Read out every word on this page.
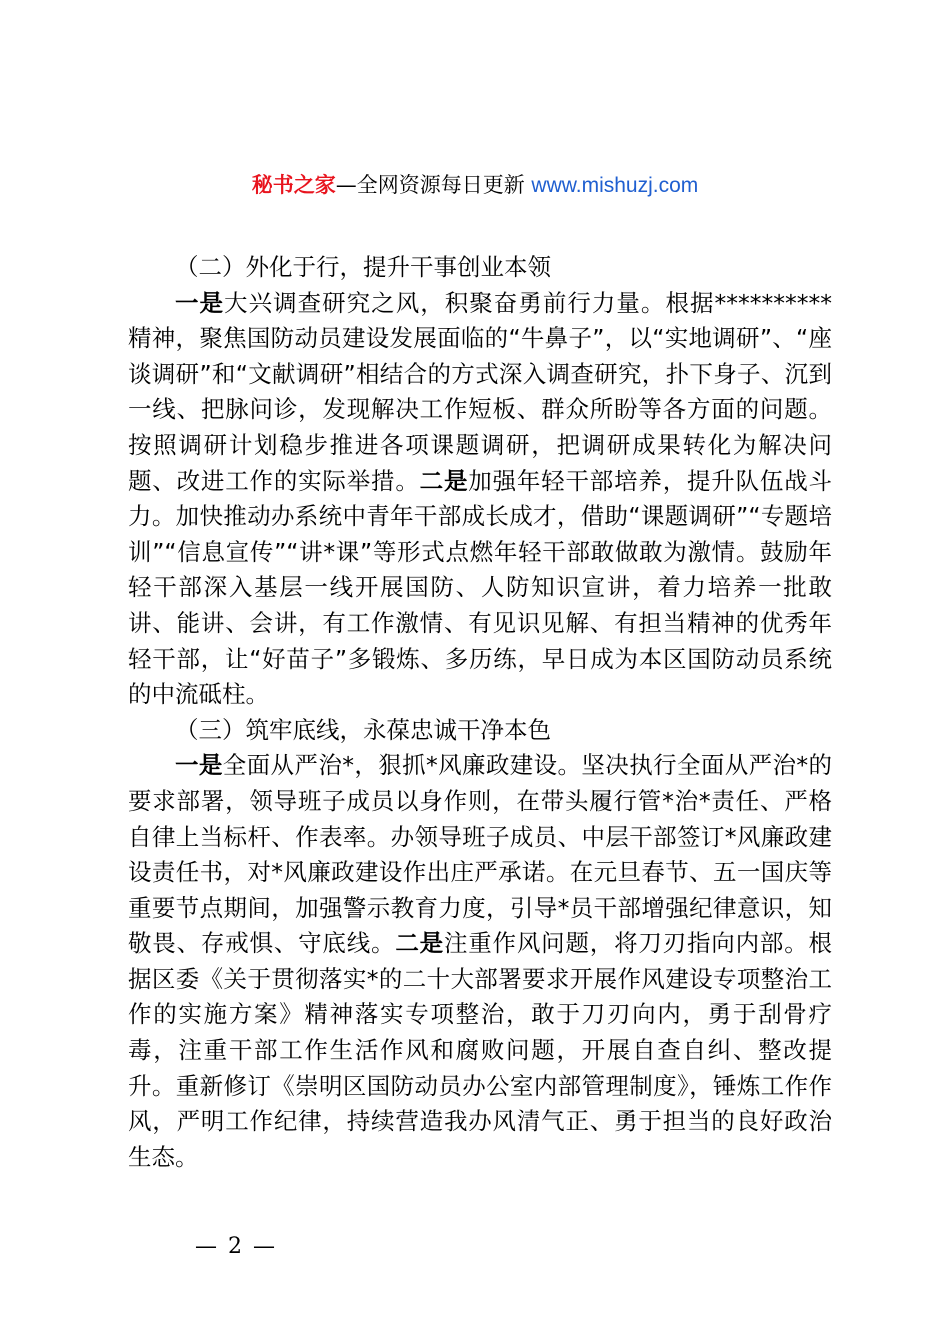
秘书之家—全网资源每日更新 www.mishuzj.com

（二）外化于行，提升干事创业本领

一是大兴调查研究之风，积聚奋勇前行力量。根据**********精神，聚焦国防动员建设发展面临的“牛鼻子”，以“实地调研”、“座谈调研”和“文献调研”相结合的方式深入调查研究，扑下身子、沉到一线、把脉问诊，发现解决工作短板、群众所盼等各方面的问题。按照调研计划稳步推进各项课题调研，把调研成果转化为解决问题、改进工作的实际举措。二是加强年轻干部培养，提升队伍战斗力。加快推动办系统中青年干部成长成才，借助“课题调研”“专题培训”“信息宣传”“讲*课”等形式点燃年轻干部敢做敢为激情。鼓励年轻干部深入基层一线开展国防、人防知识宣讲，着力培养一批敢讲、能讲、会讲，有工作激情、有见识见解、有担当精神的优秀年轻干部，让“好苗子”多锻炼、多历练，早日成为本区国防动员系统的中流砥柱。

（三）筑牢底线，永葆忠诚干净本色

一是全面从严治*，狠抓*风廉政建设。坚决执行全面从严治*的要求部署，领导班子成员以身作则，在带头履行管*治*责任、严格自律上当标杆、作表率。办领导班子成员、中层干部签订*风廉政建设责任书，对*风廉政建设作出庄严承诺。在元旦春节、五一国庆等重要节点期间，加强警示教育力度，引导*员干部增强纪律意识，知敬畏、存戒惧、守底线。二是注重作风问题，将刀刃指向内部。根据区委《关于贯彻落实*的二十大部署要求开展作风建设专项整治工作的实施方案》精神落实专项整治，敢于刀刃向内，勇于刮骨疗毒，注重干部工作生活作风和腐败问题，开展自查自纠、整改提升。重新修订《崇明区国防动员办公室内部管理制度》，锤炼工作作风，严明工作纪律，持续营造我办风清气正、勇于担当的良好政治生态。

— 2 —
